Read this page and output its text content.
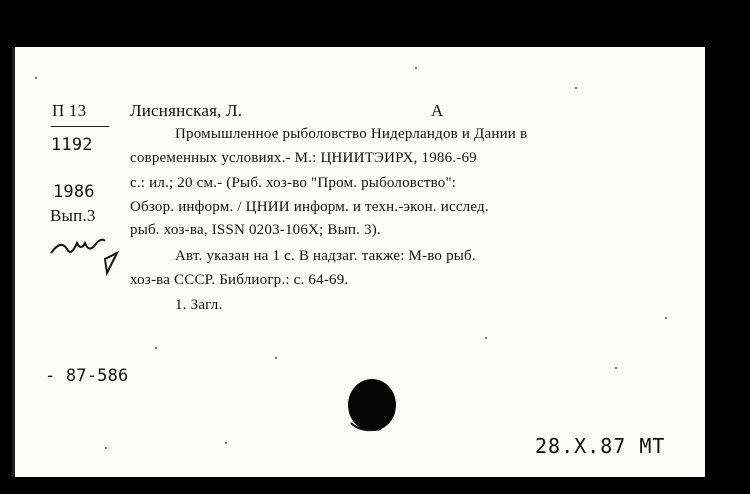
П 13
1192
1986
Вып.3
Лиснянская, Л.	А
Промышленное рыболовство Нидерландов и Дании в
современных условиях.- М.: ЦНИИТЭИРХ, 1986.-69
с.: ил.; 20 см.- (Рыб. хоз-во "Пром. рыболовство":
Обзор. информ. / ЦНИИ информ. и техн.-экон. исслед.
рыб. хоз-ва, ISSN 0203-106X; Вып. 3).
Авт. указан на 1 с. В надзаг. также: М-во рыб.
хоз-ва СССР. Библиогр.: с. 64-69.
1. Загл.
- 87-586
28.X.87 МТ
